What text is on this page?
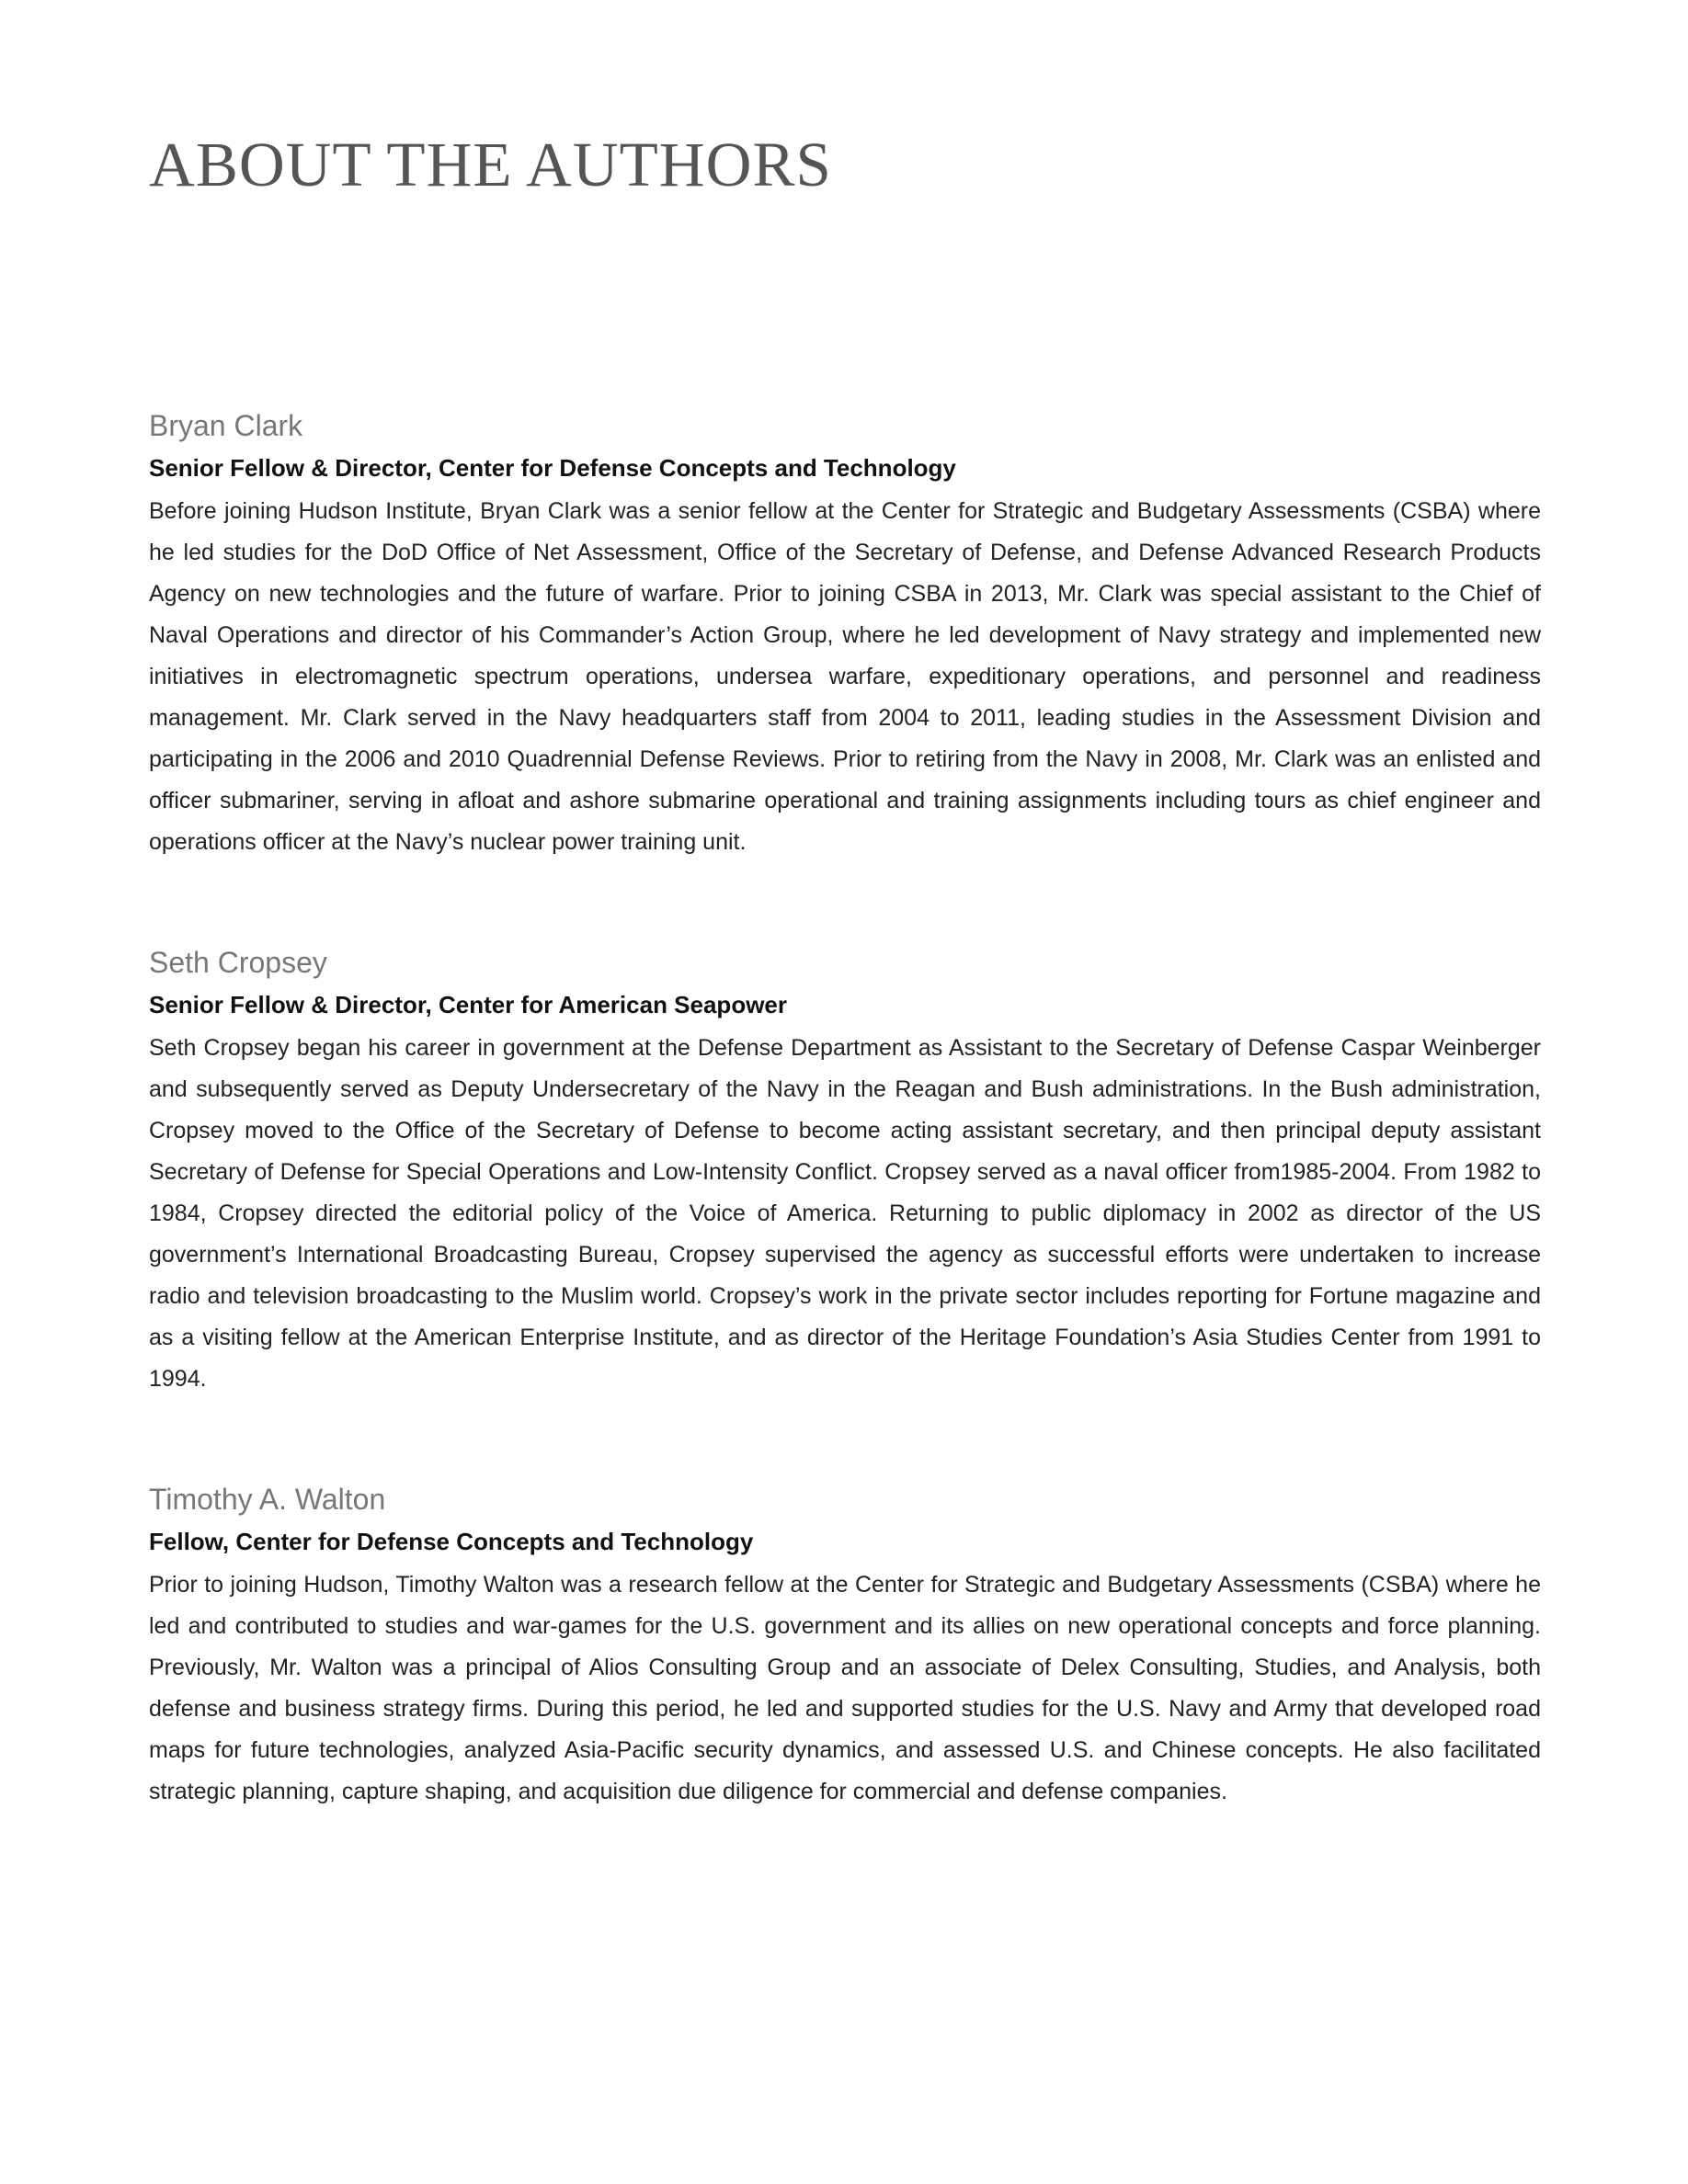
ABOUT THE AUTHORS
Bryan Clark

Senior Fellow & Director, Center for Defense Concepts and Technology

Before joining Hudson Institute, Bryan Clark was a senior fellow at the Center for Strategic and Budgetary Assessments (CSBA) where he led studies for the DoD Office of Net Assessment, Office of the Secretary of Defense, and Defense Advanced Research Products Agency on new technologies and the future of warfare. Prior to joining CSBA in 2013, Mr. Clark was special assistant to the Chief of Naval Operations and director of his Commander’s Action Group, where he led development of Navy strategy and implemented new initiatives in electromagnetic spectrum operations, undersea warfare, expeditionary operations, and personnel and readiness management. Mr. Clark served in the Navy headquarters staff from 2004 to 2011, leading studies in the Assessment Division and participating in the 2006 and 2010 Quadrennial Defense Reviews. Prior to retiring from the Navy in 2008, Mr. Clark was an enlisted and officer submariner, serving in afloat and ashore submarine operational and training assignments including tours as chief engineer and operations officer at the Navy’s nuclear power training unit.

Seth Cropsey

Senior Fellow & Director, Center for American Seapower

Seth Cropsey began his career in government at the Defense Department as Assistant to the Secretary of Defense Caspar Weinberger and subsequently served as Deputy Undersecretary of the Navy in the Reagan and Bush administrations. In the Bush administration, Cropsey moved to the Office of the Secretary of Defense to become acting assistant secretary, and then principal deputy assistant Secretary of Defense for Special Operations and Low-Intensity Conflict. Cropsey served as a naval officer from1985-2004. From 1982 to 1984, Cropsey directed the editorial policy of the Voice of America. Returning to public diplomacy in 2002 as director of the US government’s International Broadcasting Bureau, Cropsey supervised the agency as successful efforts were undertaken to increase radio and television broadcasting to the Muslim world. Cropsey’s work in the private sector includes reporting for Fortune magazine and as a visiting fellow at the American Enterprise Institute, and as director of the Heritage Foundation’s Asia Studies Center from 1991 to 1994.

Timothy A. Walton

Fellow, Center for Defense Concepts and Technology

Prior to joining Hudson, Timothy Walton was a research fellow at the Center for Strategic and Budgetary Assessments (CSBA) where he led and contributed to studies and war-games for the U.S. government and its allies on new operational concepts and force planning. Previously, Mr. Walton was a principal of Alios Consulting Group and an associate of Delex Consulting, Studies, and Analysis, both defense and business strategy firms. During this period, he led and supported studies for the U.S. Navy and Army that developed road maps for future technologies, analyzed Asia-Pacific security dynamics, and assessed U.S. and Chinese concepts. He also facilitated strategic planning, capture shaping, and acquisition due diligence for commercial and defense companies.
